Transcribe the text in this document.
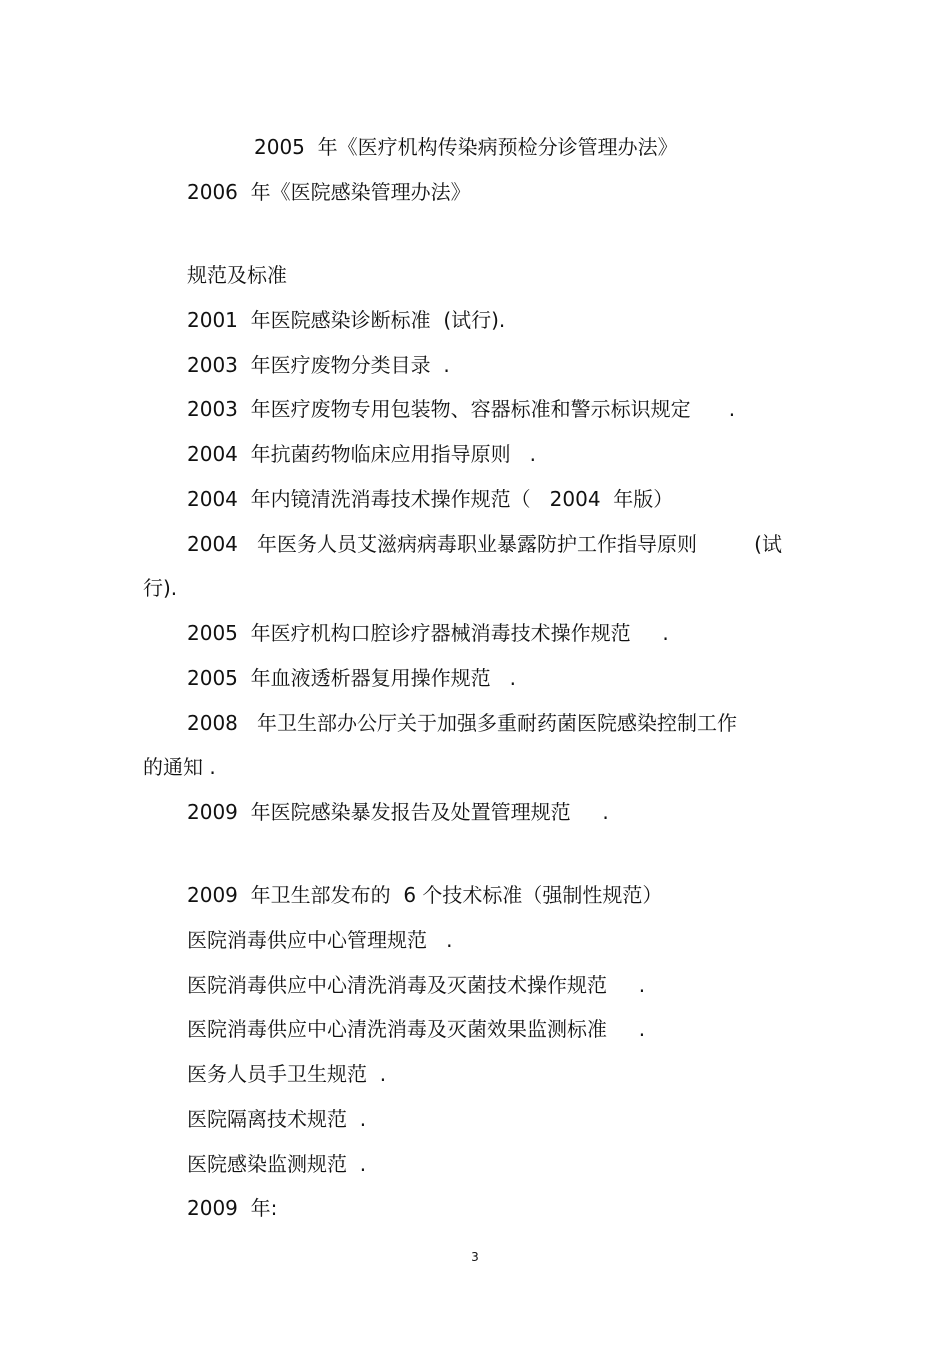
2005  年《医疗机构传染病预检分诊管理办法》
2006  年《医院感染管理办法》
规范及标准
2001  年医院感染诊断标准  (试行).
2003  年医疗废物分类目录  .
2003  年医疗废物专用包装物、容器标准和警示标识规定      .
2004  年抗菌药物临床应用指导原则   .
2004  年内镜清洗消毒技术操作规范（   2004  年版）
2004   年医务人员艾滋病病毒职业暴露防护工作指导原则         (试
行).
2005  年医疗机构口腔诊疗器械消毒技术操作规范     .
2005  年血液透析器复用操作规范   .
2008   年卫生部办公厅关于加强多重耐药菌医院感染控制工作
的通知 .
2009  年医院感染暴发报告及处置管理规范     .
2009  年卫生部发布的  6 个技术标准（强制性规范）
医院消毒供应中心管理规范   .
医院消毒供应中心清洗消毒及灭菌技术操作规范     .
医院消毒供应中心清洗消毒及灭菌效果监测标准     .
医务人员手卫生规范  .
医院隔离技术规范  .
医院感染监测规范  .
2009  年:
3
